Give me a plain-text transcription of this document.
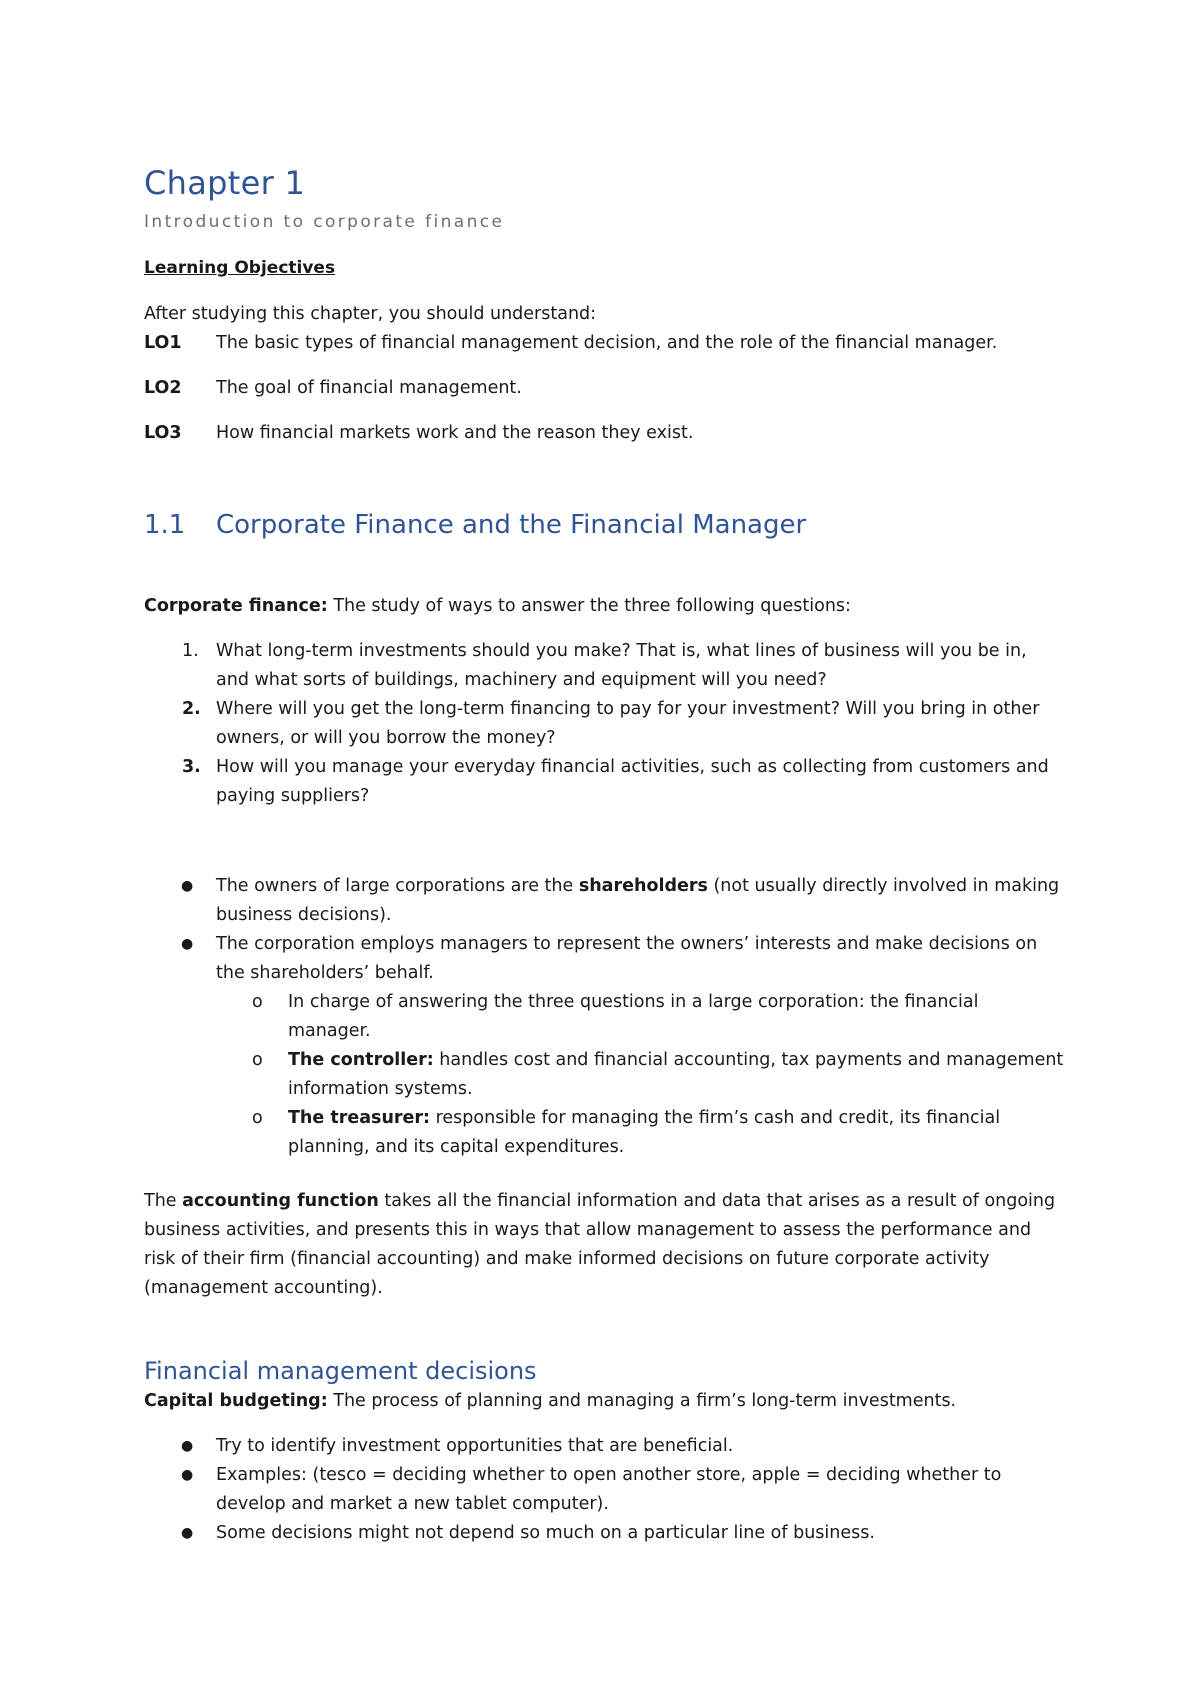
Chapter 1
Introduction to corporate finance
Learning Objectives
After studying this chapter, you should understand:
LO1 The basic types of financial management decision, and the role of the financial manager.
LO2 The goal of financial management.
LO3 How financial markets work and the reason they exist.
1.1 Corporate Finance and the Financial Manager
Corporate finance: The study of ways to answer the three following questions:
1. What long-term investments should you make? That is, what lines of business will you be in, and what sorts of buildings, machinery and equipment will you need?
2. Where will you get the long-term financing to pay for your investment? Will you bring in other owners, or will you borrow the money?
3. How will you manage your everyday financial activities, such as collecting from customers and paying suppliers?
● The owners of large corporations are the shareholders (not usually directly involved in making business decisions).
● The corporation employs managers to represent the owners’ interests and make decisions on the shareholders’ behalf.
o In charge of answering the three questions in a large corporation: the financial manager.
o The controller: handles cost and financial accounting, tax payments and management information systems.
o The treasurer: responsible for managing the firm’s cash and credit, its financial planning, and its capital expenditures.
The accounting function takes all the financial information and data that arises as a result of ongoing business activities, and presents this in ways that allow management to assess the performance and risk of their firm (financial accounting) and make informed decisions on future corporate activity (management accounting).
Financial management decisions
Capital budgeting: The process of planning and managing a firm’s long-term investments.
● Try to identify investment opportunities that are beneficial.
● Examples: (tesco = deciding whether to open another store, apple = deciding whether to develop and market a new tablet computer).
● Some decisions might not depend so much on a particular line of business.
